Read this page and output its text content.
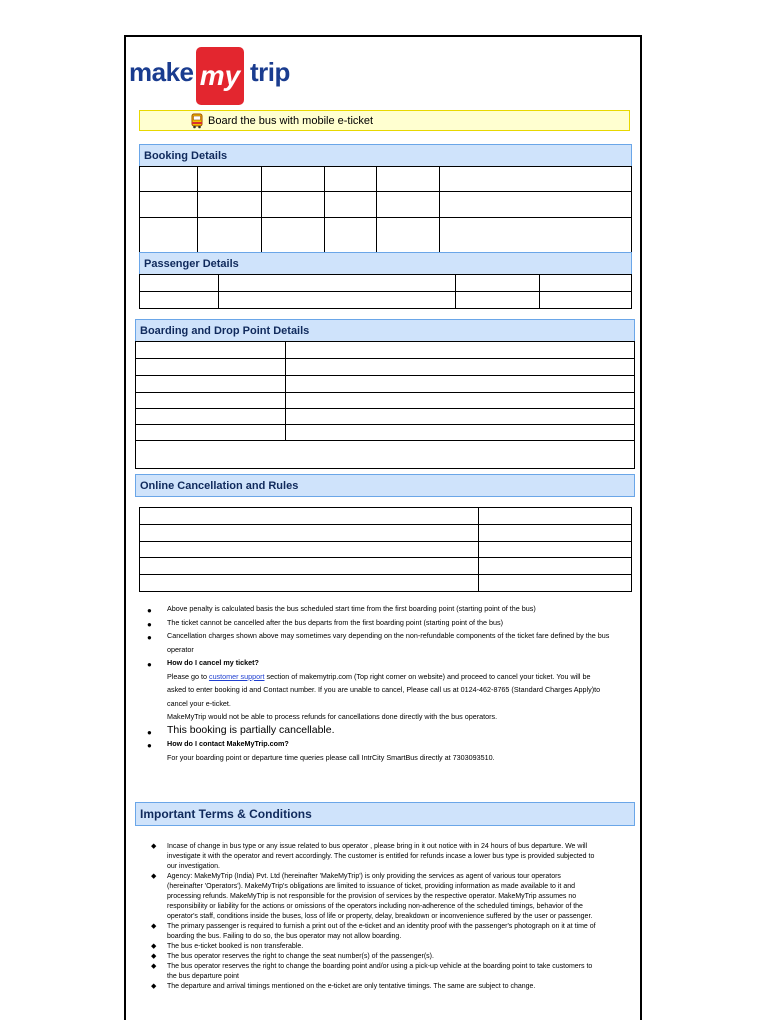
make my trip
Board the bus with mobile e-ticket
Booking Details

Passenger Details

Boarding and Drop Point Details

Online Cancellation and Rules

● Above penalty is calculated basis the bus scheduled start time from the first boarding point (starting point of the bus)
● The ticket cannot be cancelled after the bus departs from the first boarding point (starting point of the bus)
● Cancellation charges shown above may sometimes vary depending on the non-refundable components of the ticket fare defined by the bus
operator
● How do I cancel my ticket?
Please go to customer support section of makemytrip.com (Top right corner on website) and proceed to cancel your ticket. You will be
asked to enter booking id and Contact number. If you are unable to cancel, Please call us at 0124-462-8765 (Standard Charges Apply)to
cancel your e-ticket.
MakeMyTrip would not be able to process refunds for cancellations done directly with the bus operators.
● This booking is partially cancellable.
● How do I contact MakeMyTrip.com?
For your boarding point or departure time queries please call IntrCity SmartBus directly at 7303093510.
Important Terms & Conditions
◆ Incase of change in bus type or any issue related to bus operator , please bring in it out notice with in 24 hours of bus departure. We will
investigate it with the operator and revert accordingly. The customer is entitled for refunds incase a lower bus type is provided subjected to
our investigation.
◆ Agency: MakeMyTrip (India) Pvt. Ltd (hereinafter 'MakeMyTrip') is only providing the services as agent of various tour operators
(hereinafter 'Operators'). MakeMyTrip's obligations are limited to issuance of ticket, providing information as made available to it and
processing refunds. MakeMyTrip is not responsible for the provision of services by the respective operator. MakeMyTrip assumes no
responsibility or liability for the actions or omissions of the operators including non-adherence of the scheduled timings, behavior of the
operator's staff, conditions inside the buses, loss of life or property, delay, breakdown or inconvenience suffered by the user or passenger.
◆ The primary passenger is required to furnish a print out of the e-ticket and an identity proof with the passenger's photograph on it at time of
boarding the bus. Failing to do so, the bus operator may not allow boarding.
◆ The bus e-ticket booked is non transferable.
◆ The bus operator reserves the right to change the seat number(s) of the passenger(s).
◆ The bus operator reserves the right to change the boarding point and/or using a pick-up vehicle at the boarding point to take customers to
the bus departure point
◆ The departure and arrival timings mentioned on the e-ticket are only tentative timings. The same are subject to change.
